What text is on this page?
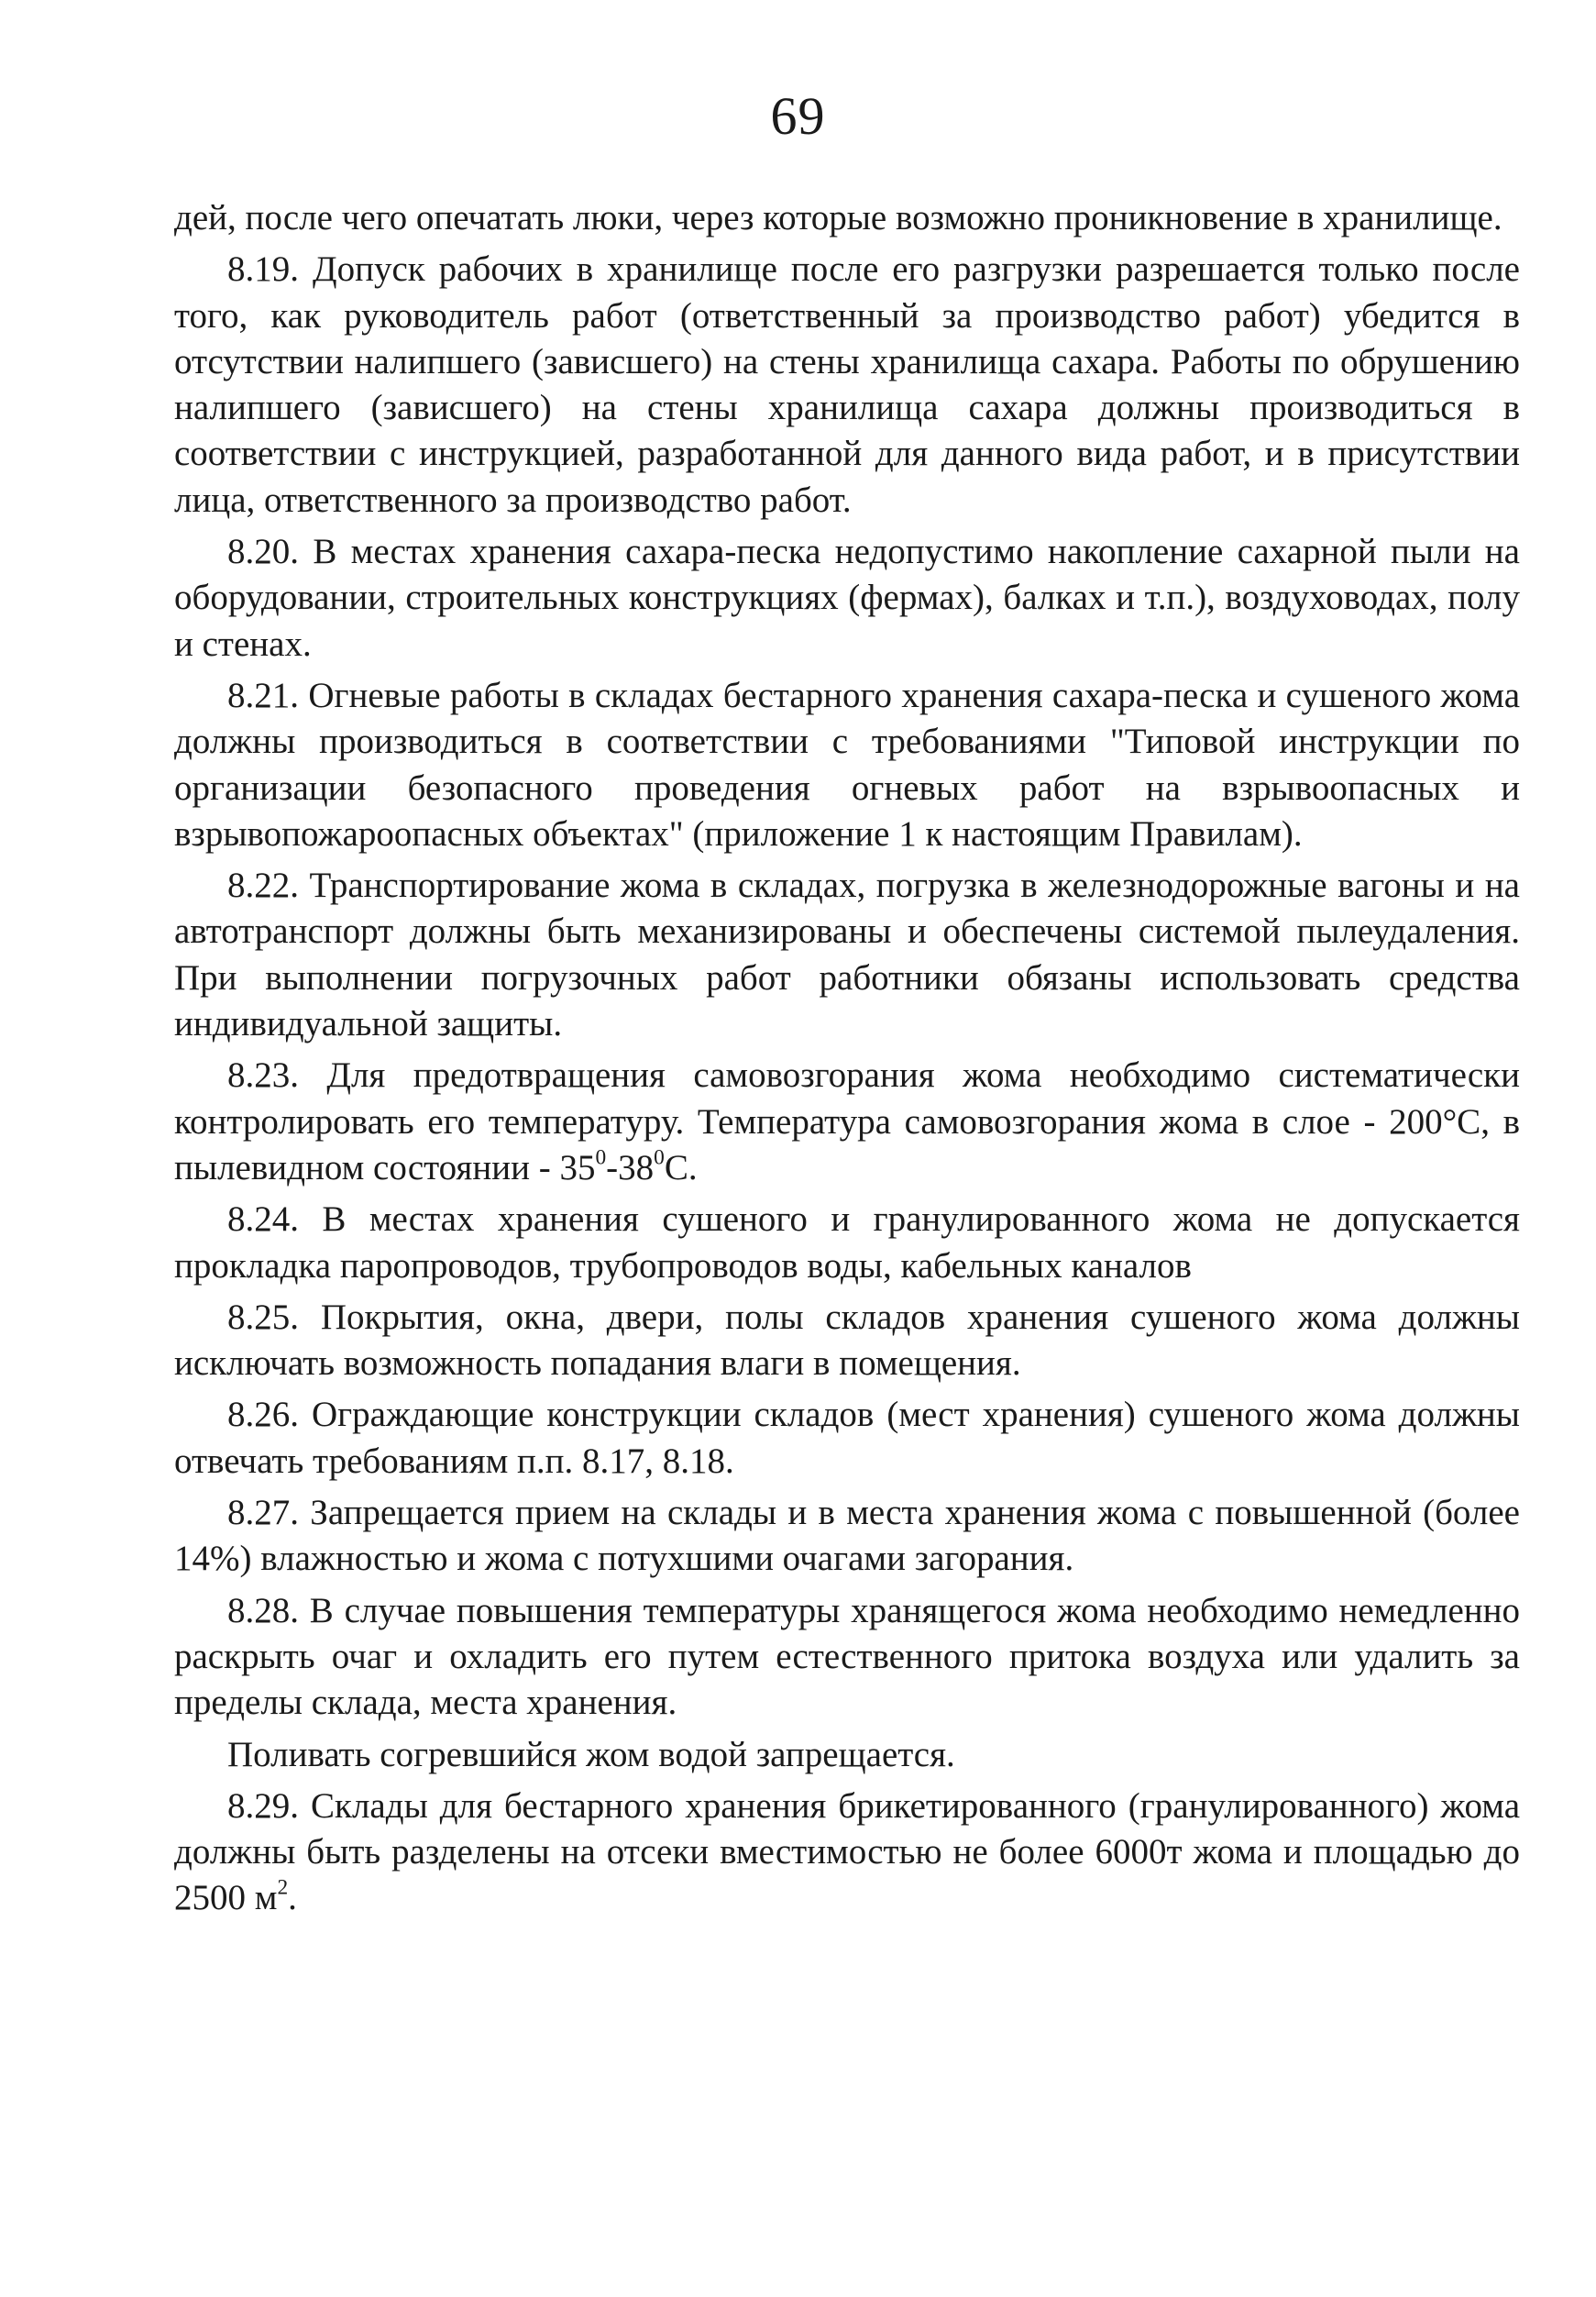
69

дей, после чего опечатать люки, через которые возможно проникновение в хранилище.

8.19. Допуск рабочих в хранилище после его разгрузки разрешается только после того, как руководитель работ (ответственный за производство работ) убедится в отсутствии налипшего (зависшего) на стены хранилища сахара. Работы по обрушению налипшего (зависшего) на стены хранилища сахара должны производиться в соответствии с инструкцией, разработанной для данного вида работ, и в присутствии лица, ответственного за производство работ.

8.20. В местах хранения сахара-песка недопустимо накопление сахарной пыли на оборудовании, строительных конструкциях (фермах), балках и т.п.), воздуховодах, полу и стенах.

8.21. Огневые работы в складах бестарного хранения сахара-песка и сушеного жома должны производиться в соответствии с требованиями "Типовой инструкции по организации безопасного проведения огневых работ на взрывоопасных и взрывопожароопасных объектах" (приложение 1 к настоящим Правилам).

8.22. Транспортирование жома в складах, погрузка в железнодорожные вагоны и на автотранспорт должны быть механизированы и обеспечены системой пылеудаления. При выполнении погрузочных работ работники обязаны использовать средства индивидуальной защиты.

8.23. Для предотвращения самовозгорания жома необходимо систематически контролировать его температуру. Температура самовозгорания жома в слое - 200°С, в пылевидном состоянии - $35^0-38^0С$.

8.24. В местах хранения сушеного и гранулированного жома не допускается прокладка паропроводов, трубопроводов воды, кабельных каналов

8.25. Покрытия, окна, двери, полы складов хранения сушеного жома должны исключать возможность попадания влаги в помещения.

8.26. Ограждающие конструкции складов (мест хранения) сушеного жома должны отвечать требованиям п.п. 8.17, 8.18.

8.27. Запрещается прием на склады и в места хранения жома с повышенной (более 14%) влажностью и жома с потухшими очагами загорания.

8.28. В случае повышения температуры хранящегося жома необходимо немедленно раскрыть очаг и охладить его путем естественного притока воздуха или удалить за пределы склада, места хранения.

Поливать согревшийся жом водой запрещается.

8.29. Склады для бестарного хранения брикетированного (гранулированного) жома должны быть разделены на отсеки вместимостью не более 6000т жома и площадью до 2500 $м^2$.
